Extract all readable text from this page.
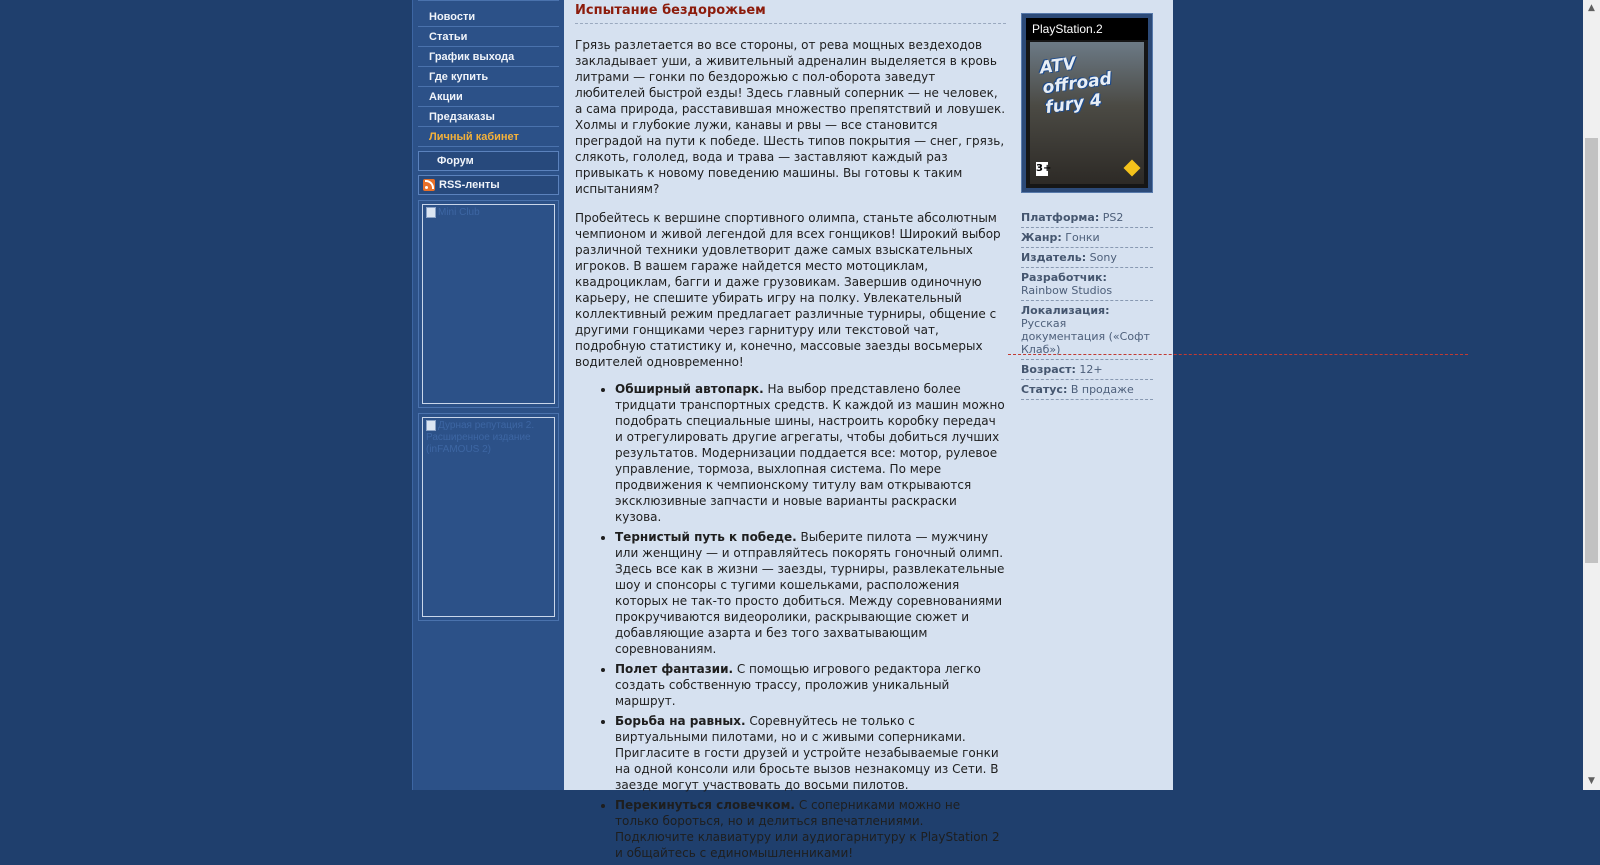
Новости
Статьи
График выхода
Где купить
Акции
Предзаказы
Личный кабинет
Форум
RSS-ленты
Mini Club
Дурная репутация 2. Расширенное издание (inFAMOUS 2)
Испытание бездорожьем

Грязь разлетается во все стороны, от рева мощных вездеходов закладывает уши, а живительный адреналин выделяется в кровь литрами — гонки по бездорожью с пол-оборота заведут любителей быстрой езды! Здесь главный соперник — не человек, а сама природа, расставившая множество препятствий и ловушек. Холмы и глубокие лужи, канавы и рвы — все становится преградой на пути к победе. Шесть типов покрытия — снег, грязь, слякоть, гололед, вода и трава — заставляют каждый раз привыкать к новому поведению машины. Вы готовы к таким испытаниям?

Пробейтесь к вершине спортивного олимпа, станьте абсолютным чемпионом и живой легендой для всех гонщиков! Широкий выбор различной техники удовлетворит даже самых взыскательных игроков. В вашем гараже найдется место мотоциклам, квадроциклам, багги и даже грузовикам. Завершив одиночную карьеру, не спешите убирать игру на полку. Увлекательный коллективный режим предлагает различные турниры, общение с другими гонщиками через гарнитуру или текстовой чат, подробную статистику и, конечно, массовые заезды восьмерых водителей одновременно!

• Обширный автопарк. На выбор представлено более тридцати транспортных средств. К каждой из машин можно подобрать специальные шины, настроить коробку передач и отрегулировать другие агрегаты, чтобы добиться лучших результатов. Модернизации поддается все: мотор, рулевое управление, тормоза, выхлопная система. По мере продвижения к чемпионскому титулу вам открываются эксклюзивные запчасти и новые варианты раскраски кузова.
• Тернистый путь к победе. Выберите пилота — мужчину или женщину — и отправляйтесь покорять гоночный олимп. Здесь все как в жизни — заезды, турниры, развлекательные шоу и спонсоры с тугими кошельками, расположения которых не так-то просто добиться. Между соревнованиями прокручиваются видеоролики, раскрывающие сюжет и добавляющие азарта и без того захватывающим соревнованиям.
• Полет фантазии. С помощью игрового редактора легко создать собственную трассу, проложив уникальный маршрут.
• Борьба на равных. Соревнуйтесь не только с виртуальными пилотами, но и с живыми соперниками. Пригласите в гости друзей и устройте незабываемые гонки на одной консоли или бросьте вызов незнакомцу из Сети. В заезде могут участвовать до восьми пилотов.
• Перекинуться словечком. С соперниками можно не только бороться, но и делиться впечатлениями. Подключите клавиатуру или аудиогарнитуру к PlayStation 2 и общайтесь с единомышленниками!
PlayStation.2
ATV offroad fury 4
3+
Платформа: PS2
Жанр: Гонки
Издатель: Sony
Разработчик:
Rainbow Studios
Локализация:
Русская документация («Софт Клаб»)
Возраст: 12+
Статус: В продаже
▲
▼
